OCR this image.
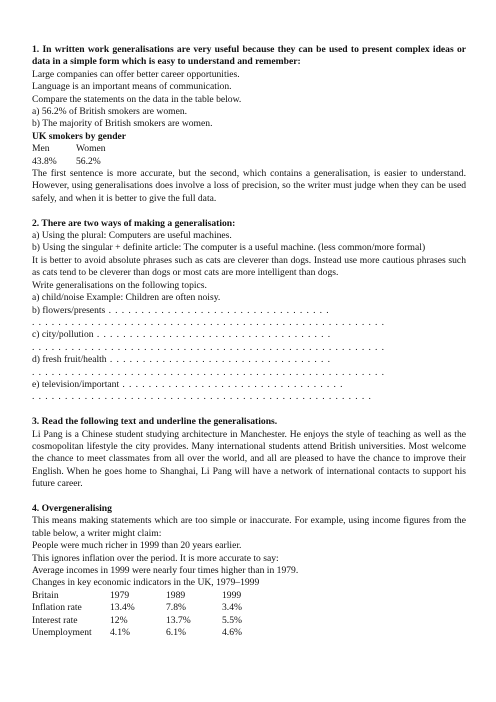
1. In written work generalisations are very useful because they can be used to present complex ideas or data in a simple form which is easy to understand and remember:
Large companies can offer better career opportunities.
Language is an important means of communication.
Compare the statements on the data in the table below.
a) 56.2% of British smokers are women.
b) The majority of British smokers are women.
UK smokers by gender
Men	Women
43.8%	56.2%
The first sentence is more accurate, but the second, which contains a generalisation, is easier to understand. However, using generalisations does involve a loss of precision, so the writer must judge when they can be used safely, and when it is better to give the full data.
2. There are two ways of making a generalisation:
a) Using the plural: Computers are useful machines.
b) Using the singular + definite article: The computer is a useful machine. (less common/more formal)
It is better to avoid absolute phrases such as cats are cleverer than dogs. Instead use more cautious phrases such as cats tend to be cleverer than dogs or most cats are more intelligent than dogs.
Write generalisations on the following topics.
a) child/noise Example: Children are often noisy.
b) flowers/presents . . . . . . . . . . . . . . . . . . . . . . . . . . . . . . . . . .
. . . . . . . . . . . . . . . . . . . . . . . . . . . . . . . . . . . . . . . . . . . . . . . . . . . . . .
c) city/pollution . . . . . . . . . . . . . . . . . . . . . . . . . . . . . . . . . . . .
. . . . . . . . . . . . . . . . . . . . . . . . . . . . . . . . . . . . . . . . . . . . . . . . . . . . . .
d) fresh fruit/health . . . . . . . . . . . . . . . . . . . . . . . . . . . . . . . . . .
. . . . . . . . . . . . . . . . . . . . . . . . . . . . . . . . . . . . . . . . . . . . . . . . . . . . . .
e) television/important . . . . . . . . . . . . . . . . . . . . . . . . . . . . . . . . . .
. . . . . . . . . . . . . . . . . . . . . . . . . . . . . . . . . . . . . . . . . . . . . . . . . . . .
3. Read the following text and underline the generalisations.
Li Pang is a Chinese student studying architecture in Manchester. He enjoys the style of teaching as well as the cosmopolitan lifestyle the city provides. Many international students attend British universities. Most welcome the chance to meet classmates from all over the world, and all are pleased to have the chance to improve their English. When he goes home to Shanghai, Li Pang will have a network of international contacts to support his future career.
4. Overgeneralising
This means making statements which are too simple or inaccurate. For example, using income figures from the table below, a writer might claim:
People were much richer in 1999 than 20 years earlier.
This ignores inflation over the period. It is more accurate to say:
Average incomes in 1999 were nearly four times higher than in 1979.
Changes in key economic indicators in the UK, 1979–1999
Britain	1979	1989	1999
Inflation rate	13.4%	7.8%	3.4%
Interest rate	12%	13.7%	5.5%
Unemployment	4.1%	6.1%	4.6%
